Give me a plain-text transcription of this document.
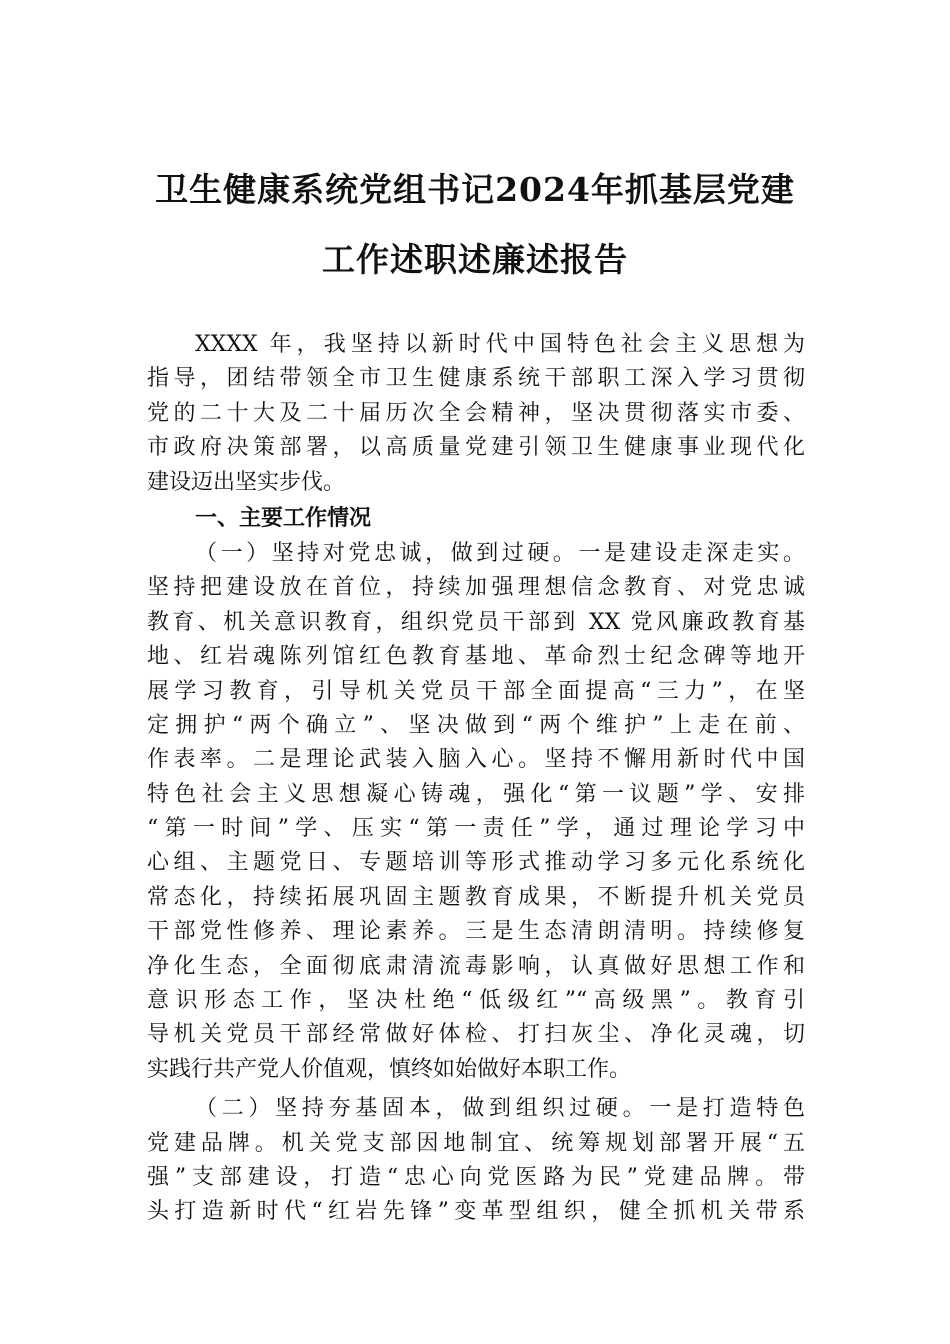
卫生健康系统党组书记2024年抓基层党建
工作述职述廉述报告
XXXX 年，我坚持以新时代中国特色社会主义思想为
指导，团结带领全市卫生健康系统干部职工深入学习贯彻
党的二十大及二十届历次全会精神，坚决贯彻落实市委、
市政府决策部署，以高质量党建引领卫生健康事业现代化
建设迈出坚实步伐。
一、主要工作情况
（一）坚持对党忠诚，做到过硬。一是建设走深走实。
坚持把建设放在首位，持续加强理想信念教育、对党忠诚
教育、机关意识教育，组织党员干部到 XX 党风廉政教育基
地、红岩魂陈列馆红色教育基地、革命烈士纪念碑等地开
展学习教育，引导机关党员干部全面提高“三力”，在坚
定拥护“两个确立”、坚决做到“两个维护”上走在前、
作表率。二是理论武装入脑入心。坚持不懈用新时代中国
特色社会主义思想凝心铸魂，强化“第一议题”学、安排
“第一时间”学、压实“第一责任”学，通过理论学习中
心组、主题党日、专题培训等形式推动学习多元化系统化
常态化，持续拓展巩固主题教育成果，不断提升机关党员
干部党性修养、理论素养。三是生态清朗清明。持续修复
净化生态，全面彻底肃清流毒影响，认真做好思想工作和
意识形态工作，坚决杜绝“低级红”“高级黑”。教育引
导机关党员干部经常做好体检、打扫灰尘、净化灵魂，切
实践行共产党人价值观，慎终如始做好本职工作。
（二）坚持夯基固本，做到组织过硬。一是打造特色
党建品牌。机关党支部因地制宜、统筹规划部署开展“五
强”支部建设，打造“忠心向党医路为民”党建品牌。带
头打造新时代“红岩先锋”变革型组织，健全抓机关带系
